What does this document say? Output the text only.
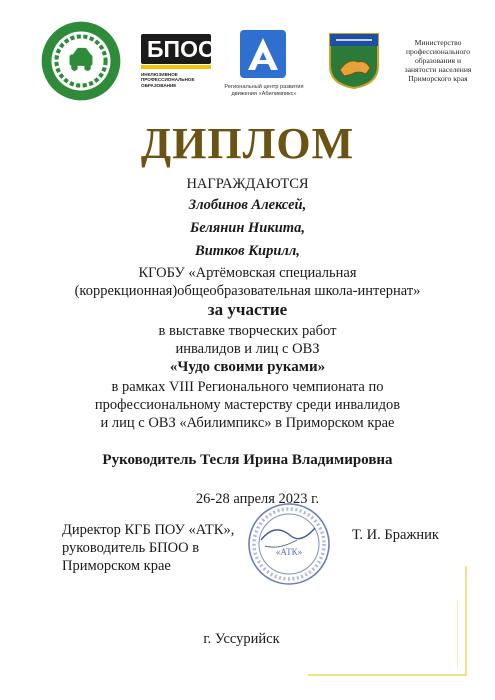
БПОО
ИНКЛЮЗИВНОЕ
ПРОФЕССИОНАЛЬНОЕ
ОБРАЗОВАНИЕ	Региональный центр развития
движения «Абилимпикс»
Министерство
профессионального
образования и
занятости населения
Приморского края
ДИПЛОМ
НАГРАЖДАЮТСЯ
Злобинов Алексей,
Белянин Никита,
Витков Кирилл,
КГОБУ «Артёмовская специальная
(коррекционная)общеобразовательная школа-интернат»
за участие
в выставке творческих работ
инвалидов и лиц с ОВЗ
«Чудо своими руками»
в рамках VIII Регионального чемпионата по
профессиональному мастерству среди инвалидов
и лиц с ОВЗ «Абилимпикс» в Приморском крае
Руководитель Тесля Ирина Владимировна
26-28 апреля 2023 г.
«АТК»
Директор КГБ ПОУ «АТК»,
руководитель БПОО в
Приморском крае
Т. И. Бражник
г. Уссурийск
